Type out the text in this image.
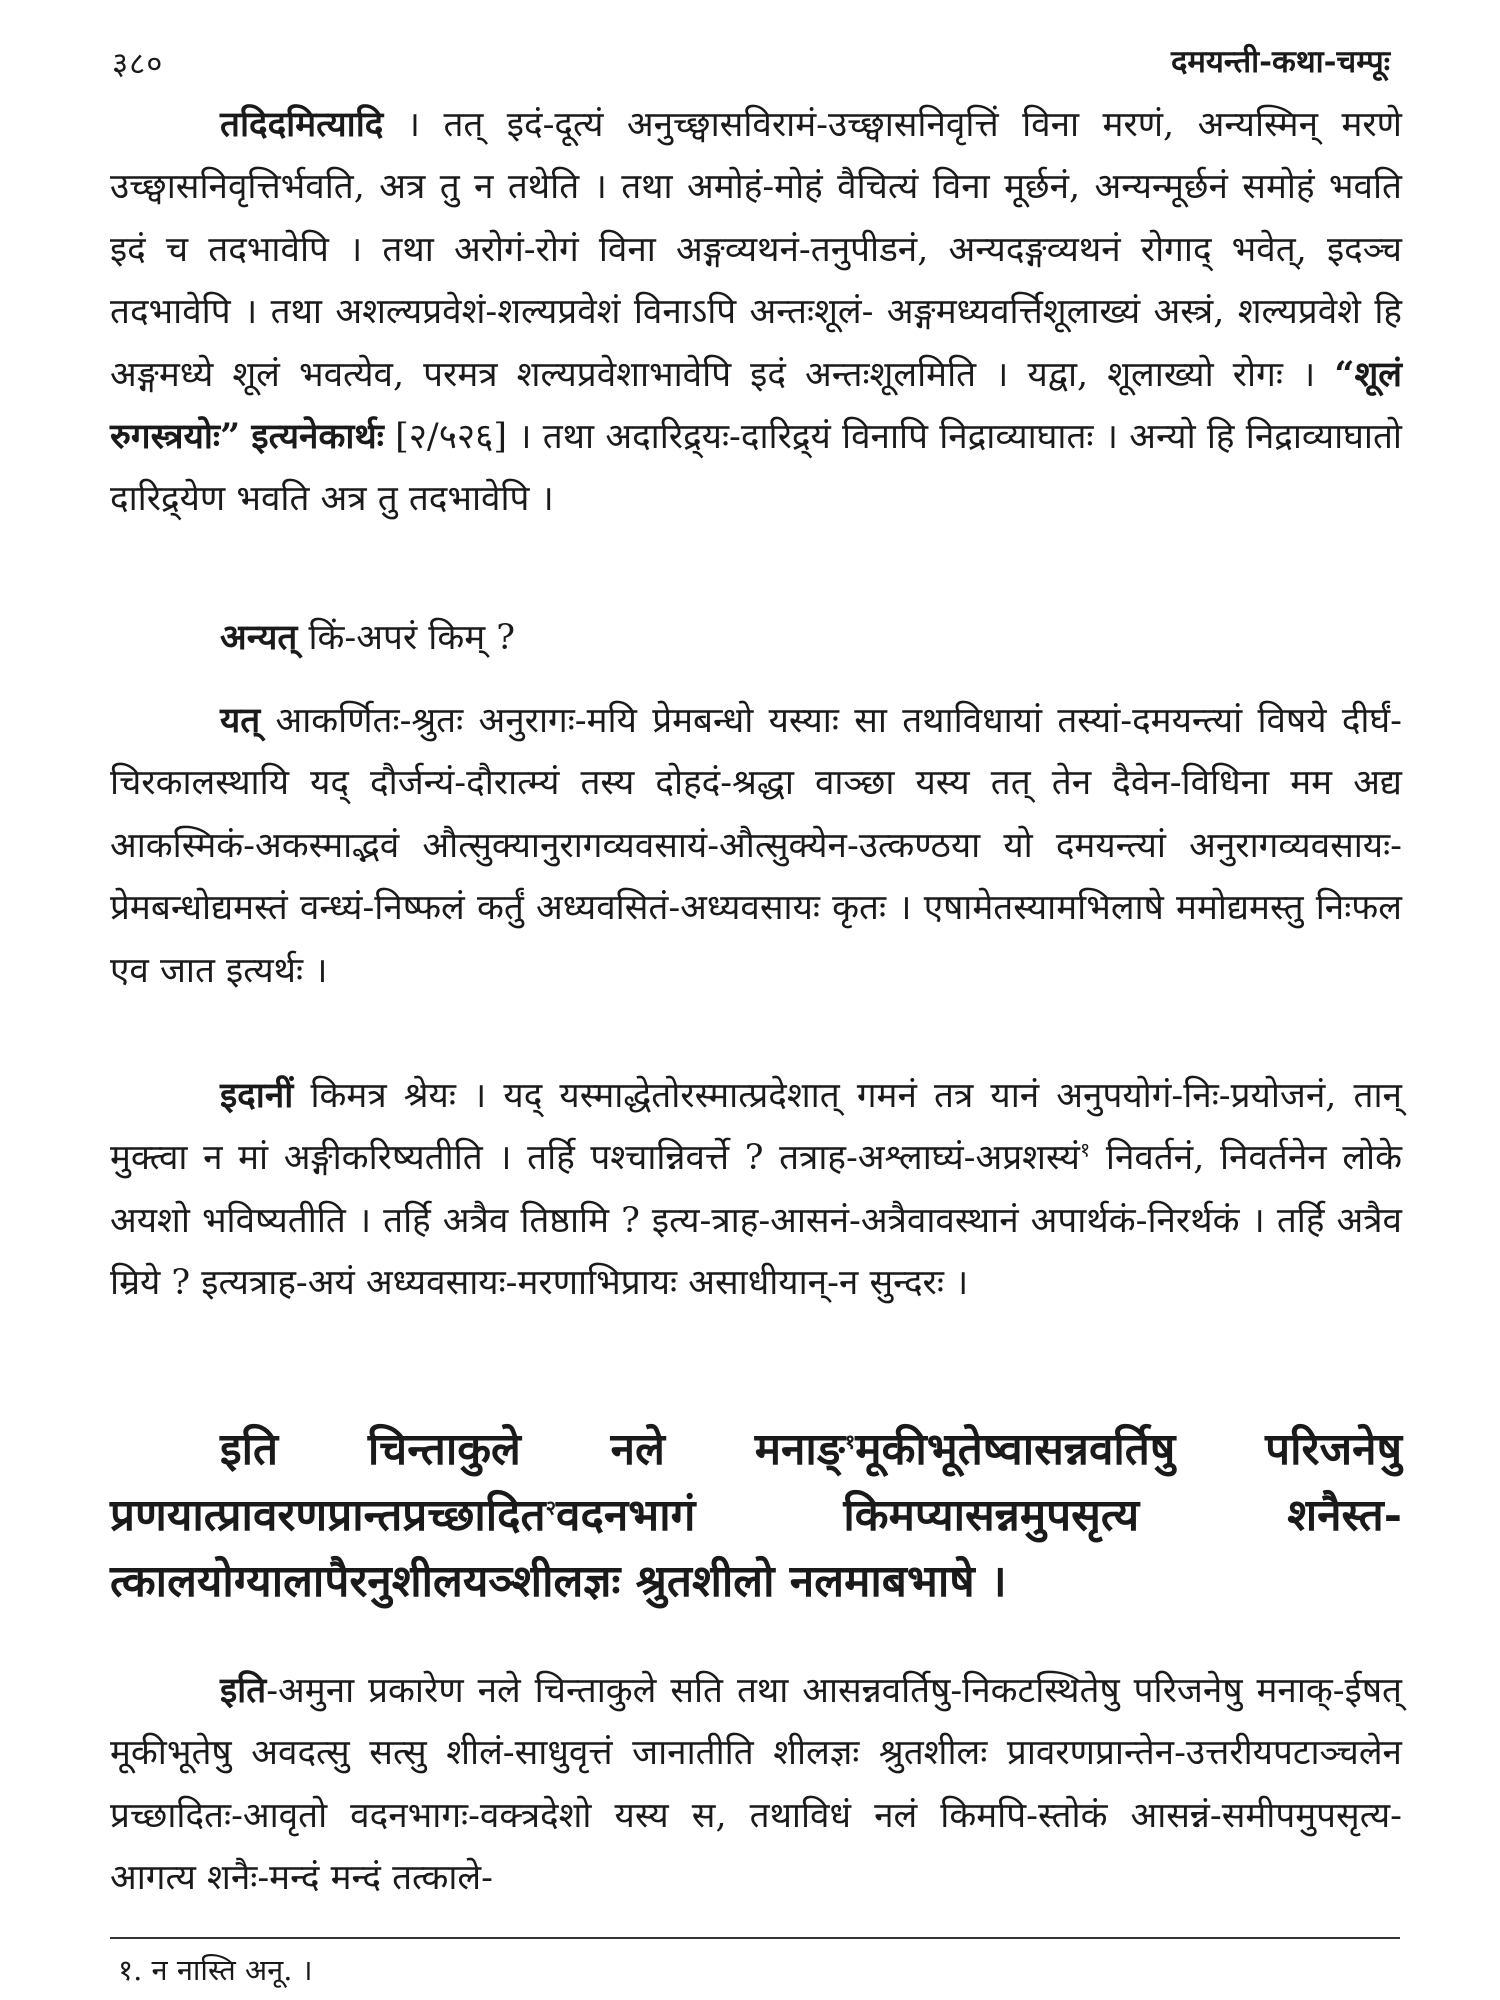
३८०	दमयन्ती-कथा-चम्पूः

तदिदमित्यादि । तत् इदं-दूत्यं अनुच्छ्वासविरामं-उच्छ्वासनिवृत्तिं विना मरणं, अन्यस्मिन् मरणे उच्छ्वासनिवृत्तिर्भवति, अत्र तु न तथेति । तथा अमोहं-मोहं वैचित्यं विना मूर्छनं, अन्यन्मूर्छनं समोहं भवति इदं च तदभावेपि । तथा अरोगं-रोगं विना अङ्गव्यथनं-तनुपीडनं, अन्यदङ्गव्यथनं रोगाद् भवेत्, इदञ्च तदभावेपि । तथा अशल्यप्रवेशं-शल्यप्रवेशं विनाऽपि अन्तःशूलं- अङ्गमध्यवर्त्तिशूलाख्यं अस्त्रं, शल्यप्रवेशे हि अङ्गमध्ये शूलं भवत्येव, परमत्र शल्यप्रवेशाभावेपि इदं अन्तःशूलमिति । यद्वा, शूलाख्यो रोगः । “शूलं रुगस्त्रयोः” इत्यनेकार्थः [२/५२६] । तथा अदारिद्र्यः-दारिद्र्यं विनापि निद्राव्याघातः । अन्यो हि निद्राव्याघातो दारिद्र्येण भवति अत्र तु तदभावेपि ।

अन्यत् किं-अपरं किम् ?

यत् आकर्णितः-श्रुतः अनुरागः-मयि प्रेमबन्धो यस्याः सा तथाविधायां तस्यां-दमयन्त्यां विषये दीर्घं-चिरकालस्थायि यद् दौर्जन्यं-दौरात्म्यं तस्य दोहदं-श्रद्धा वाञ्छा यस्य तत् तेन दैवेन-विधिना मम अद्य आकस्मिकं-अकस्माद्भवं औत्सुक्यानुरागव्यवसायं-औत्सुक्येन-उत्कण्ठया यो दमयन्त्यां अनुरागव्यवसायः-प्रेमबन्धोद्यमस्तं वन्ध्यं-निष्फलं कर्तुं अध्यवसितं-अध्यवसायः कृतः । एषामेतस्यामभिलाषे ममोद्यमस्तु निःफल एव जात इत्यर्थः ।

इदानीं किमत्र श्रेयः । यद् यस्माद्धेतोरस्मात्प्रदेशात् गमनं तत्र यानं अनुपयोगं-निः-प्रयोजनं, तान् मुक्त्वा न मां अङ्गीकरिष्यतीति । तर्हि पश्चान्निवर्त्ते ? तत्राह-अश्लाघ्यं-अप्रशस्यं$^१$ निवर्तनं, निवर्तनेन लोके अयशो भविष्यतीति । तर्हि अत्रैव तिष्ठामि ? इत्य-त्राह-आसनं-अत्रैवावस्थानं अपार्थकं-निरर्थकं । तर्हि अत्रैव म्रिये ? इत्यत्राह-अयं अध्यवसायः-मरणाभिप्रायः असाधीयान्-न सुन्दरः ।

इति चिन्ताकुले नले मनाङ्$^१$मूकीभूतेष्वासन्नवर्तिषु परिजनेषु प्रणयात्प्रावरणप्रान्तप्रच्छादित$^२$वदनभागं किमप्यासन्नमुपसृत्य शनैस्त-त्कालयोग्यालापैरनुशीलयञ्शीलज्ञः श्रुतशीलो नलमाबभाषे ।

इति-अमुना प्रकारेण नले चिन्ताकुले सति तथा आसन्नवर्तिषु-निकटस्थितेषु परिजनेषु मनाक्-ईषत् मूकीभूतेषु अवदत्सु सत्सु शीलं-साधुवृत्तं जानातीति शीलज्ञः श्रुतशीलः प्रावरणप्रान्तेन-उत्तरीयपटाञ्चलेन प्रच्छादितः-आवृतो वदनभागः-वक्त्रदेशो यस्य स, तथाविधं नलं किमपि-स्तोकं आसन्नं-समीपमुपसृत्य-आगत्य शनैः-मन्दं मन्दं तत्काले-

१. न नास्ति अनू. ।
